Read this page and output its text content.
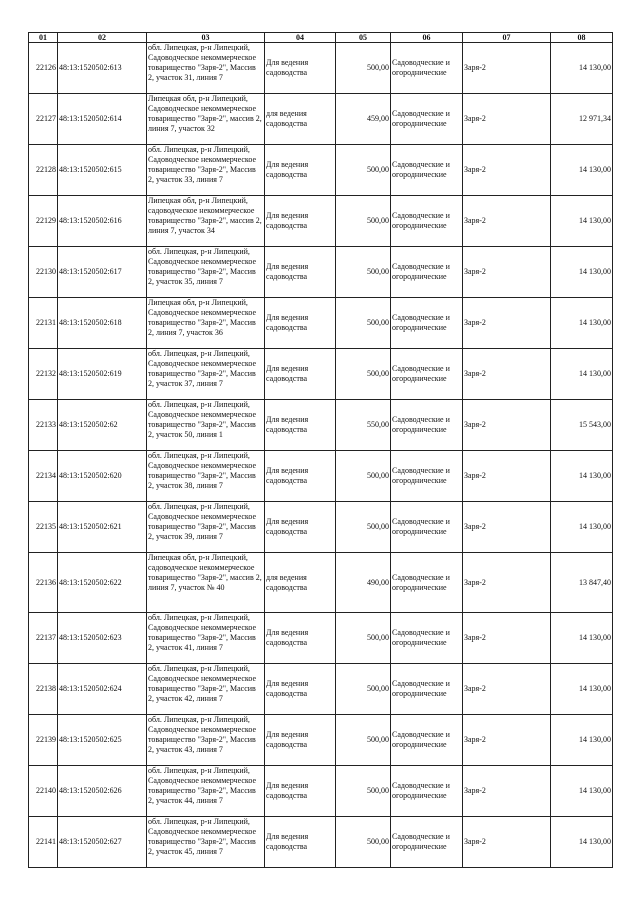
01	02	03	04	05	06	07	08
22126	48:13:1520502:613	обл. Липецкая, р-н Липецкий, Садоводческое некоммерческое товарищество "Заря-2", Массив 2, участок 31, линия 7	Для ведения садоводства	500,00	Садоводческие и огороднические	Заря-2	14 130,00
22127	48:13:1520502:614	Липецкая обл, р-н Липецкий, Садоводческое некоммерческое товарищество "Заря-2", массив 2, линия 7, участок 32	для ведения садоводства	459,00	Садоводческие и огороднические	Заря-2	12 971,34
22128	48:13:1520502:615	обл. Липецкая, р-н Липецкий, Садоводческое некоммерческое товарищество "Заря-2", Массив 2, участок 33, линия 7	Для ведения садоводства	500,00	Садоводческие и огороднические	Заря-2	14 130,00
22129	48:13:1520502:616	Липецкая обл, р-н Липецкий, садоводческое некоммерческое товарищество "Заря-2", массив 2, линия 7, участок 34	Для ведения садоводства	500,00	Садоводческие и огороднические	Заря-2	14 130,00
22130	48:13:1520502:617	обл. Липецкая, р-н Липецкий, Садоводческое некоммерческое товарищество "Заря-2", Массив 2, участок 35, линия 7	Для ведения садоводства	500,00	Садоводческие и огороднические	Заря-2	14 130,00
22131	48:13:1520502:618	Липецкая обл, р-н Липецкий, Садоводческое некоммерческое товарищество "Заря-2", Массив 2, линия 7, участок 36	Для ведения садоводства	500,00	Садоводческие и огороднические	Заря-2	14 130,00
22132	48:13:1520502:619	обл. Липецкая, р-н Липецкий, Садоводческое некоммерческое товарищество "Заря-2", Массив 2, участок 37, линия 7	Для ведения садоводства	500,00	Садоводческие и огороднические	Заря-2	14 130,00
22133	48:13:1520502:62	обл. Липецкая, р-н Липецкий, Садоводческое некоммерческое товарищество "Заря-2", Массив 2, участок 50, линия 1	Для ведения садоводства	550,00	Садоводческие и огороднические	Заря-2	15 543,00
22134	48:13:1520502:620	обл. Липецкая, р-н Липецкий, Садоводческое некоммерческое товарищество "Заря-2", Массив 2, участок 38, линия 7	Для ведения садоводства	500,00	Садоводческие и огороднические	Заря-2	14 130,00
22135	48:13:1520502:621	обл. Липецкая, р-н Липецкий, Садоводческое некоммерческое товарищество "Заря-2", Массив 2, участок 39, линия 7	Для ведения садоводства	500,00	Садоводческие и огороднические	Заря-2	14 130,00
22136	48:13:1520502:622	Липецкая обл, р-н Липецкий, садоводческое некоммерческое товарищество "Заря-2", массив 2, линия 7, участок № 40	для ведения садоводства	490,00	Садоводческие и огороднические	Заря-2	13 847,40
22137	48:13:1520502:623	обл. Липецкая, р-н Липецкий, Садоводческое некоммерческое товарищество "Заря-2", Массив 2, участок 41, линия 7	Для ведения садоводства	500,00	Садоводческие и огороднические	Заря-2	14 130,00
22138	48:13:1520502:624	обл. Липецкая, р-н Липецкий, Садоводческое некоммерческое товарищество "Заря-2", Массив 2, участок 42, линия 7	Для ведения садоводства	500,00	Садоводческие и огороднические	Заря-2	14 130,00
22139	48:13:1520502:625	обл. Липецкая, р-н Липецкий, Садоводческое некоммерческое товарищество "Заря-2", Массив 2, участок 43, линия 7	Для ведения садоводства	500,00	Садоводческие и огороднические	Заря-2	14 130,00
22140	48:13:1520502:626	обл. Липецкая, р-н Липецкий, Садоводческое некоммерческое товарищество "Заря-2", Массив 2, участок 44, линия 7	Для ведения садоводства	500,00	Садоводческие и огороднические	Заря-2	14 130,00
22141	48:13:1520502:627	обл. Липецкая, р-н Липецкий, Садоводческое некоммерческое товарищество "Заря-2", Массив 2, участок 45, линия 7	Для ведения садоводства	500,00	Садоводческие и огороднические	Заря-2	14 130,00
